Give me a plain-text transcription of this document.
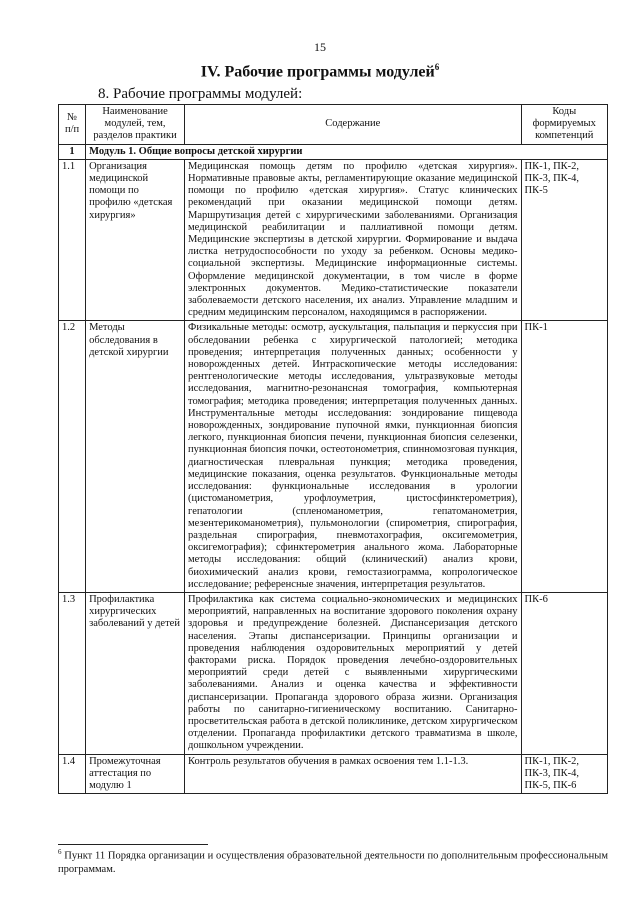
15
IV. Рабочие программы модулей$^6$
8. Рабочие программы модулей:
№ п/п	Наименование модулей, тем, разделов практики	Содержание	Коды формируемых компетенций
1	Модуль 1. Общие вопросы детской хирургии		
1.1	Организация медицинской помощи по профилю «детская хирургия»	Медицинская помощь детям по профилю «детская хирургия». Нормативные правовые акты, регламентирующие оказание медицинской помощи по профилю «детская хирургия». Статус клинических рекомендаций при оказании медицинской помощи детям. Маршрутизация детей с хирургическими заболеваниями. Организация медицинской реабилитации и паллиативной помощи детям. Медицинские экспертизы в детской хирургии. Формирование и выдача листка нетрудоспособности по уходу за ребенком. Основы медико-социальной экспертизы. Медицинские информационные системы. Оформление медицинской документации, в том числе в форме электронных документов. Медико-статистические показатели заболеваемости детского населения, их анализ. Управление младшим и средним медицинским персоналом, находящимся в распоряжении.	ПК-1, ПК-2, ПК-3, ПК-4, ПК-5
1.2	Методы обследования в детской хирургии	Физикальные методы: осмотр, аускультация, пальпация и перкуссия при обследовании ребенка с хирургической патологией; методика проведения; интерпретация полученных данных; особенности у новорожденных детей. Интраскопические методы исследования: рентгенологические методы исследования, ультразвуковые методы исследования, магнитно-резонансная томография, компьютерная томография; методика проведения; интерпретация полученных данных. Инструментальные методы исследования: зондирование пищевода новорожденных, зондирование пупочной ямки, пункционная биопсия легкого, пункционная биопсия печени, пункционная биопсия селезенки, пункционная биопсия почки, остеотонометрия, спинномозговая пункция, диагностическая плевральная пункция; методика проведения, медицинские показания, оценка результатов. Функциональные методы исследования: функциональные исследования в урологии (цистоманометрия, урофлоуметрия, цистосфинктерометрия), гепатологии (спленоманометрия, гепатоманометрия, мезентерикоманометрия), пульмонологии (спирометрия, спирография, раздельная спирография, пневмотахография, оксигемометрия, оксигемография); сфинктерометрия анального жома. Лабораторные методы исследования: общий (клинический) анализ крови, биохимический анализ крови, гемостазиограмма, копрологическое исследование; референсные значения, интерпретация результатов.	ПК-1
1.3	Профилактика хирургических заболеваний у детей	Профилактика как система социально-экономических и медицинских мероприятий, направленных на воспитание здорового поколения охрану здоровья и предупреждение болезней. Диспансеризация детского населения. Этапы диспансеризации. Принципы организации и проведения наблюдения оздоровительных мероприятий у детей факторами риска. Порядок проведения лечебно-оздоровительных мероприятий среди детей с выявленными хирургическими заболеваниями. Анализ и оценка качества и эффективности диспансеризации. Пропаганда здорового образа жизни. Организация работы по санитарно-гигиеническому воспитанию. Санитарно-просветительская работа в детской поликлинике, детском хирургическом отделении. Пропаганда профилактики детского травматизма в школе, дошкольном учреждении.	ПК-6
1.4	Промежуточная аттестация по модулю 1	Контроль результатов обучения в рамках освоения тем 1.1-1.3.	ПК-1, ПК-2, ПК-3, ПК-4, ПК-5, ПК-6
$^6$ Пункт 11 Порядка организации и осуществления образовательной деятельности по дополнительным профессиональным программам.
